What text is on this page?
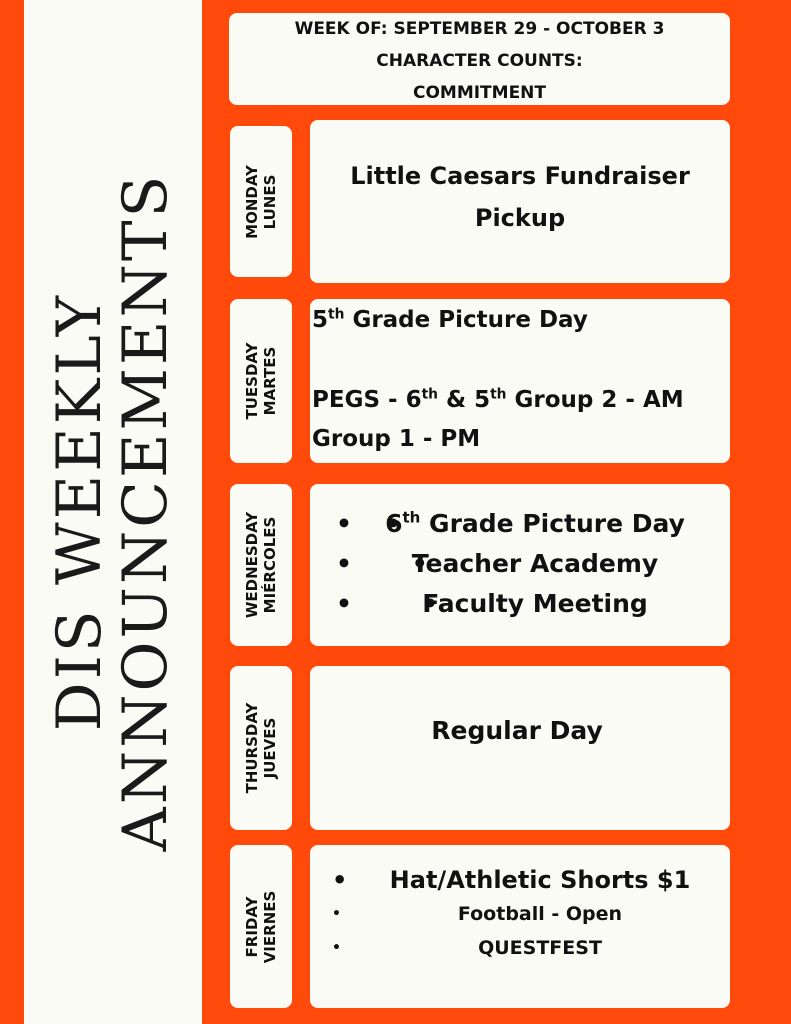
DIS WEEKLY
ANNOUNCEMENTS
WEEK OF: SEPTEMBER 29 - OCTOBER 3
CHARACTER COUNTS:
COMMITMENT
MONDAY LUNES	Little Caesars Fundraiser
Pickup
TUESDAY MARTES
5th Grade Picture Day
PEGS - 6th & 5th Group 2 - AM
Group 1 - PM
WEDNESDAY MIÉRCOLES
• • 6th Grade Picture Day
• • Teacher Academy
• •	Faculty Meeting
THURSDAY JUEVES	Regular Day
FRIDAY VIERNES
• Hat/Athletic Shorts $1
•	Football - Open
•	QUESTFEST
